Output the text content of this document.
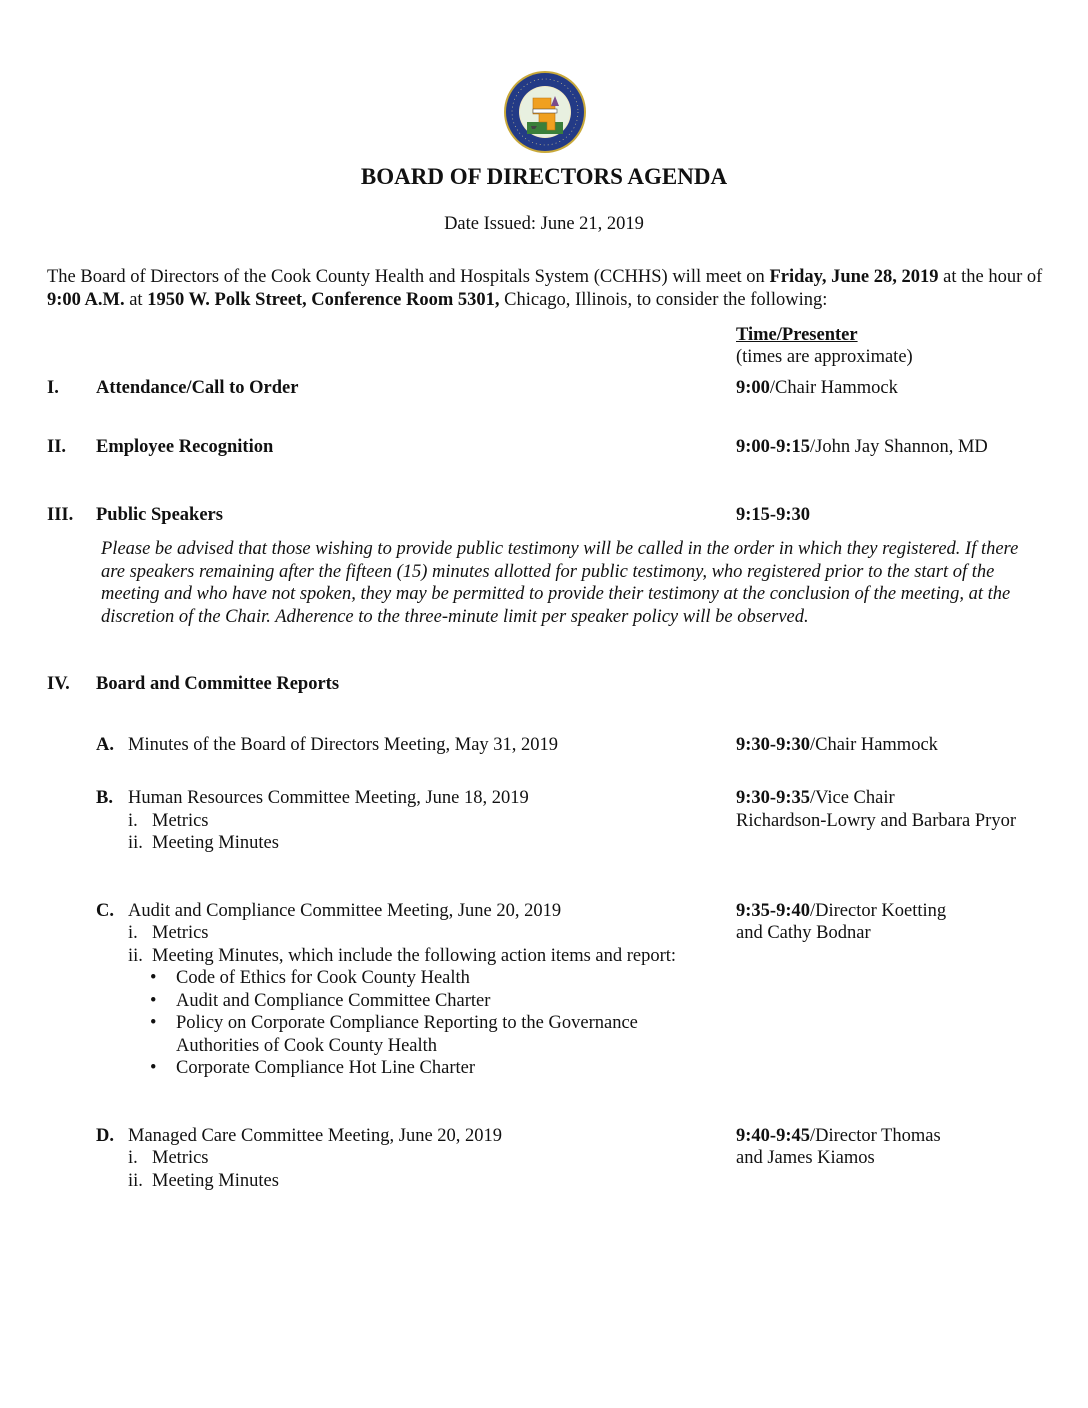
BOARD OF DIRECTORS AGENDA
Date Issued: June 21, 2019
The Board of Directors of the Cook County Health and Hospitals System (CCHHS) will meet on Friday, June 28, 2019 at the hour of 9:00 A.M. at 1950 W. Polk Street, Conference Room 5301, Chicago, Illinois, to consider the following:
Time/Presenter
(times are approximate)
I. Attendance/Call to Order	9:00/Chair Hammock
II. Employee Recognition	9:00-9:15/John Jay Shannon, MD
III. Public Speakers	9:15-9:30
Please be advised that those wishing to provide public testimony will be called in the order in which they registered. If there are speakers remaining after the fifteen (15) minutes allotted for public testimony, who registered prior to the start of the meeting and who have not spoken, they may be permitted to provide their testimony at the conclusion of the meeting, at the discretion of the Chair. Adherence to the three-minute limit per speaker policy will be observed.
IV. Board and Committee Reports
A. Minutes of the Board of Directors Meeting, May 31, 2019	9:30-9:30/Chair Hammock
B. Human Resources Committee Meeting, June 18, 2019	9:30-9:35/Vice Chair
Richardson-Lowry and Barbara Pryor
i. Metrics
ii. Meeting Minutes
C. Audit and Compliance Committee Meeting, June 20, 2019	9:35-9:40/Director Koetting
and Cathy Bodnar
i. Metrics
ii. Meeting Minutes, which include the following action items and report:
• Code of Ethics for Cook County Health
• Audit and Compliance Committee Charter
• Policy on Corporate Compliance Reporting to the Governance
Authorities of Cook County Health
• Corporate Compliance Hot Line Charter
D. Managed Care Committee Meeting, June 20, 2019	9:40-9:45/Director Thomas
and James Kiamos
i. Metrics
ii. Meeting Minutes
